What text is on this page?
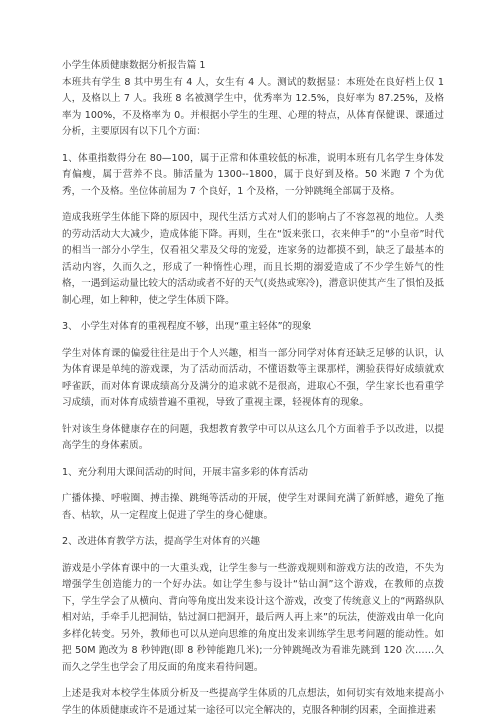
小学生体质健康数据分析报告篇 1

本班共有学生 8 其中男生有 4 人，女生有 4 人。测试的数据显：本班处在良好档上仅 1 人，及格以上 7 人。我班 8 名被测学生中，优秀率为 12.5%，良好率为 87.25%，及格率为 100%，不及格率为 0。并根据小学生的生理、心理的特点，从体育保健课、课通过分析，主要原因有以下几个方面：

1、体重指数得分在 80—100，属于正常和体重较低的标准，说明本班有几名学生身体发育偏瘦，属于营养不良。肺活量为 1300--1800，属于良好到及格。50 米跑 7 个为优秀，一个及格。坐位体前屈为 7 个良好，1 个及格，一分钟跳绳全部属于及格。

造成我班学生体能下降的原因中，现代生活方式对人们的影响占了不容忽视的地位。人类的劳动活动大大减少，造成体能下降。再则，生在“饭来张口，衣来伸手”的“小皇帝”时代的相当一部分小学生，仅看祖父辈及父母的宠爱，连家务的边都摸不到，缺乏了最基本的活动内容，久而久之，形成了一种惰性心理，而且长期的溺爱造成了不少学生娇气的性格，一遇到运动量比较大的活动或者不好的天气(炎热或寒冷)，潜意识使其产生了惧怕及抵制心理，如上种种，使之学生体质下降。

3、 小学生对体育的重视程度不够，出现“重主轻体”的现象

学生对体育课的偏爱往往是出于个人兴趣，相当一部分同学对体育还缺乏足够的认识，认为体育课是单纯的游戏课，为了活动而活动，不懂语数等主课那样，溯验获得好成绩就欢呼雀跃，而对体育课成绩高分及满分的追求就不是很高，进取心不强，学生家长也看重学习成绩，而对体育成绩普遍不重视，导致了重视主课，轻视体育的现象。

针对该生身体健康存在的问题，我想教育教学中可以从这么几个方面着手予以改进，以提高学生的身体素质。

1、充分利用大课间活动的时间，开展丰富多彩的体育活动

广播体操、呼啦圈、搏击操、跳绳等活动的开展，使学生对课间充满了新鲜感，避免了拖沓、枯软，从一定程度上促进了学生的身心健康。

2、改进体育教学方法，提高学生对体育的兴趣

游戏是小学体育课中的一大重头戏，让学生参与一些游戏规则和游戏方法的改造，不失为增强学生创造能力的一个好办法。如让学生参与设计“钻山洞”这个游戏，在教师的点拨下，学生学会了从横向、背向等角度出发来设计这个游戏，改变了传统意义上的“两路纵队相对站，手牵手儿把洞钻，钻过洞口把洞开，最后两人再上来”的玩法，使游戏由单一化向多样化转变。另外，教师也可以从逆向思维的角度出发来训练学生思考问题的能动性。如把 50M 跑改为 8 秒钟跑(即 8 秒钟能跑几米);一分钟跳绳改为看谁先跳到 120 次……久而久之学生也学会了用反面的角度来看待问题。

上述是我对本校学生体质分析及一些提高学生体质的几点想法，如何切实有效地来提高小学生的体质健康或许不是通过某一途径可以完全解决的，克服各种制约因素，全面推进素
